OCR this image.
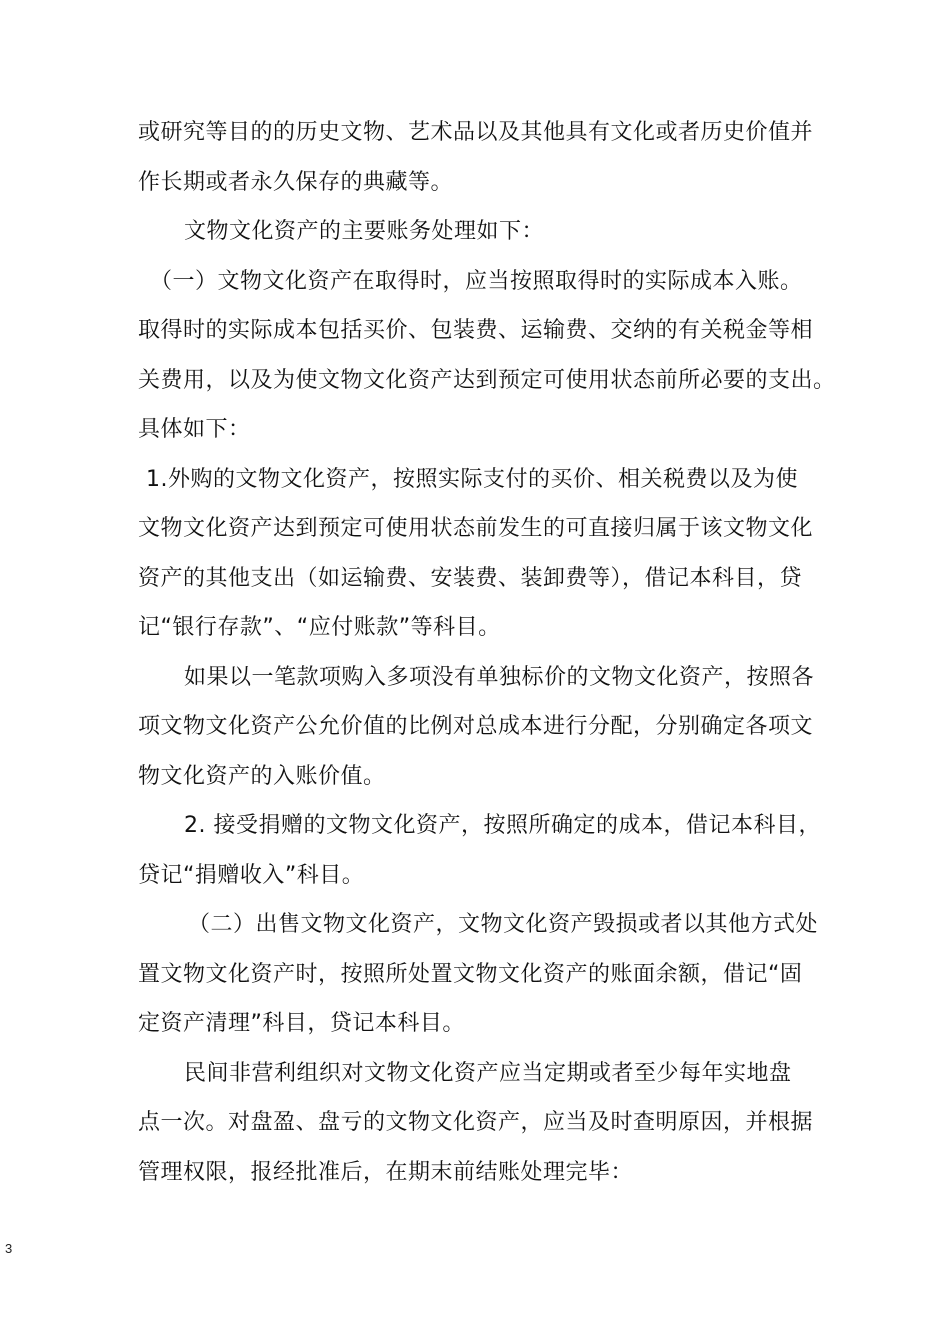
或研究等目的的历史文物、艺术品以及其他具有文化或者历史价值并
作长期或者永久保存的典藏等。
文物文化资产的主要账务处理如下：
（一）文物文化资产在取得时，应当按照取得时的实际成本入账。
取得时的实际成本包括买价、包装费、运输费、交纳的有关税金等相
关费用，以及为使文物文化资产达到预定可使用状态前所必要的支出。
具体如下：
1.外购的文物文化资产，按照实际支付的买价、相关税费以及为使
文物文化资产达到预定可使用状态前发生的可直接归属于该文物文化
资产的其他支出（如运输费、安装费、装卸费等），借记本科目，贷
记“银行存款”、“应付账款”等科目。
如果以一笔款项购入多项没有单独标价的文物文化资产，按照各
项文物文化资产公允价值的比例对总成本进行分配，分别确定各项文
物文化资产的入账价值。
2. 接受捐赠的文物文化资产，按照所确定的成本，借记本科目，
贷记“捐赠收入”科目。
（二）出售文物文化资产，文物文化资产毁损或者以其他方式处
置文物文化资产时，按照所处置文物文化资产的账面余额，借记“固
定资产清理”科目，贷记本科目。
民间非营利组织对文物文化资产应当定期或者至少每年实地盘
点一次。对盘盈、盘亏的文物文化资产，应当及时查明原因，并根据
管理权限，报经批准后，在期末前结账处理完毕：
3
